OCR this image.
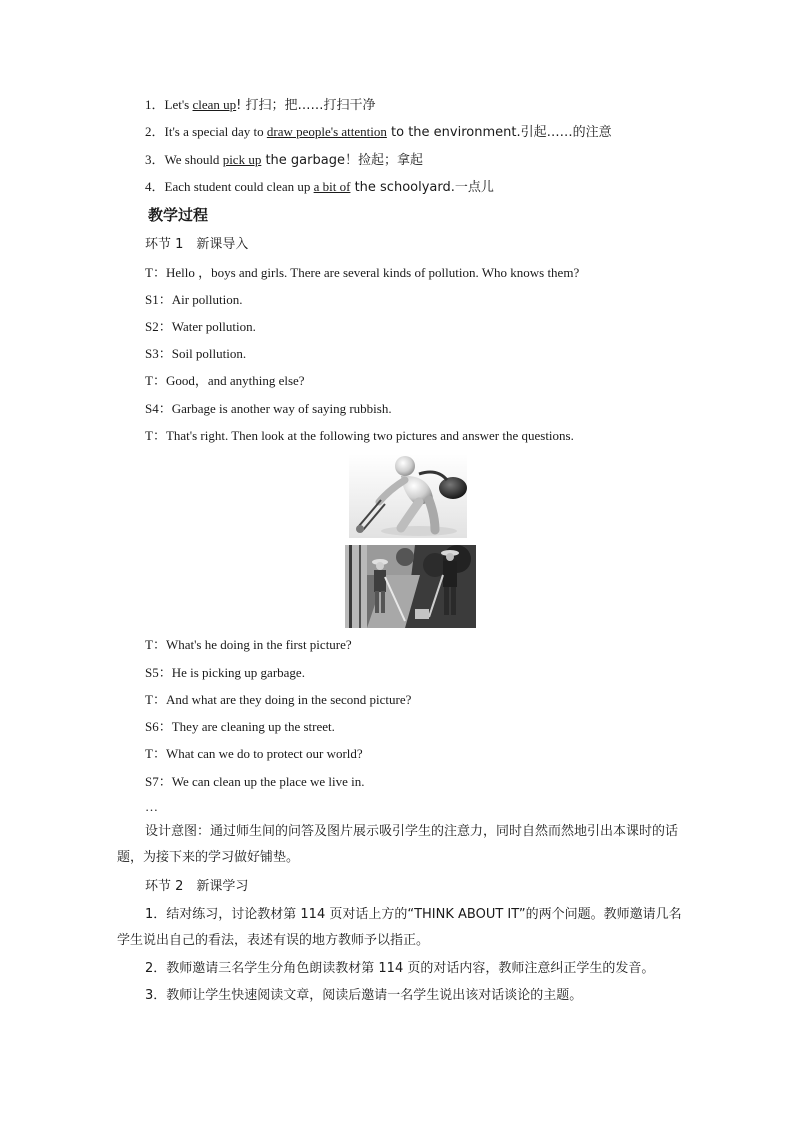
1．Let's clean up! 打扫；把……打扫干净
2．It's a special day to draw people's attention to the environment.引起……的注意
3．We should pick up the garbage！捡起；拿起
4．Each student could clean up a bit of the schoolyard.一点儿
教学过程
环节 1　新课导入
T：Hello ，boys and girls. There are several kinds of pollution. Who knows them?
S1：Air pollution.
S2：Water pollution.
S3：Soil pollution.
T：Good，and anything else?
S4：Garbage is another way of saying rubbish.
T：That's right. Then look at the following two pictures and answer the questions.
T：What's he doing in the first picture?
S5：He is picking up garbage.
T：And what are they doing in the second picture?
S6：They are cleaning up the street.
T：What can we do to protect our world?
S7：We can clean up the place we live in.
…
设计意图：通过师生间的问答及图片展示吸引学生的注意力，同时自然而然地引出本课时的话题，为接下来的学习做好铺垫。
环节 2　新课学习
1．结对练习，讨论教材第 114 页对话上方的“THINK ABOUT IT”的两个问题。教师邀请几名学生说出自己的看法，表述有误的地方教师予以指正。
2．教师邀请三名学生分角色朗读教材第 114 页的对话内容，教师注意纠正学生的发音。
3．教师让学生快速阅读文章，阅读后邀请一名学生说出该对话谈论的主题。
